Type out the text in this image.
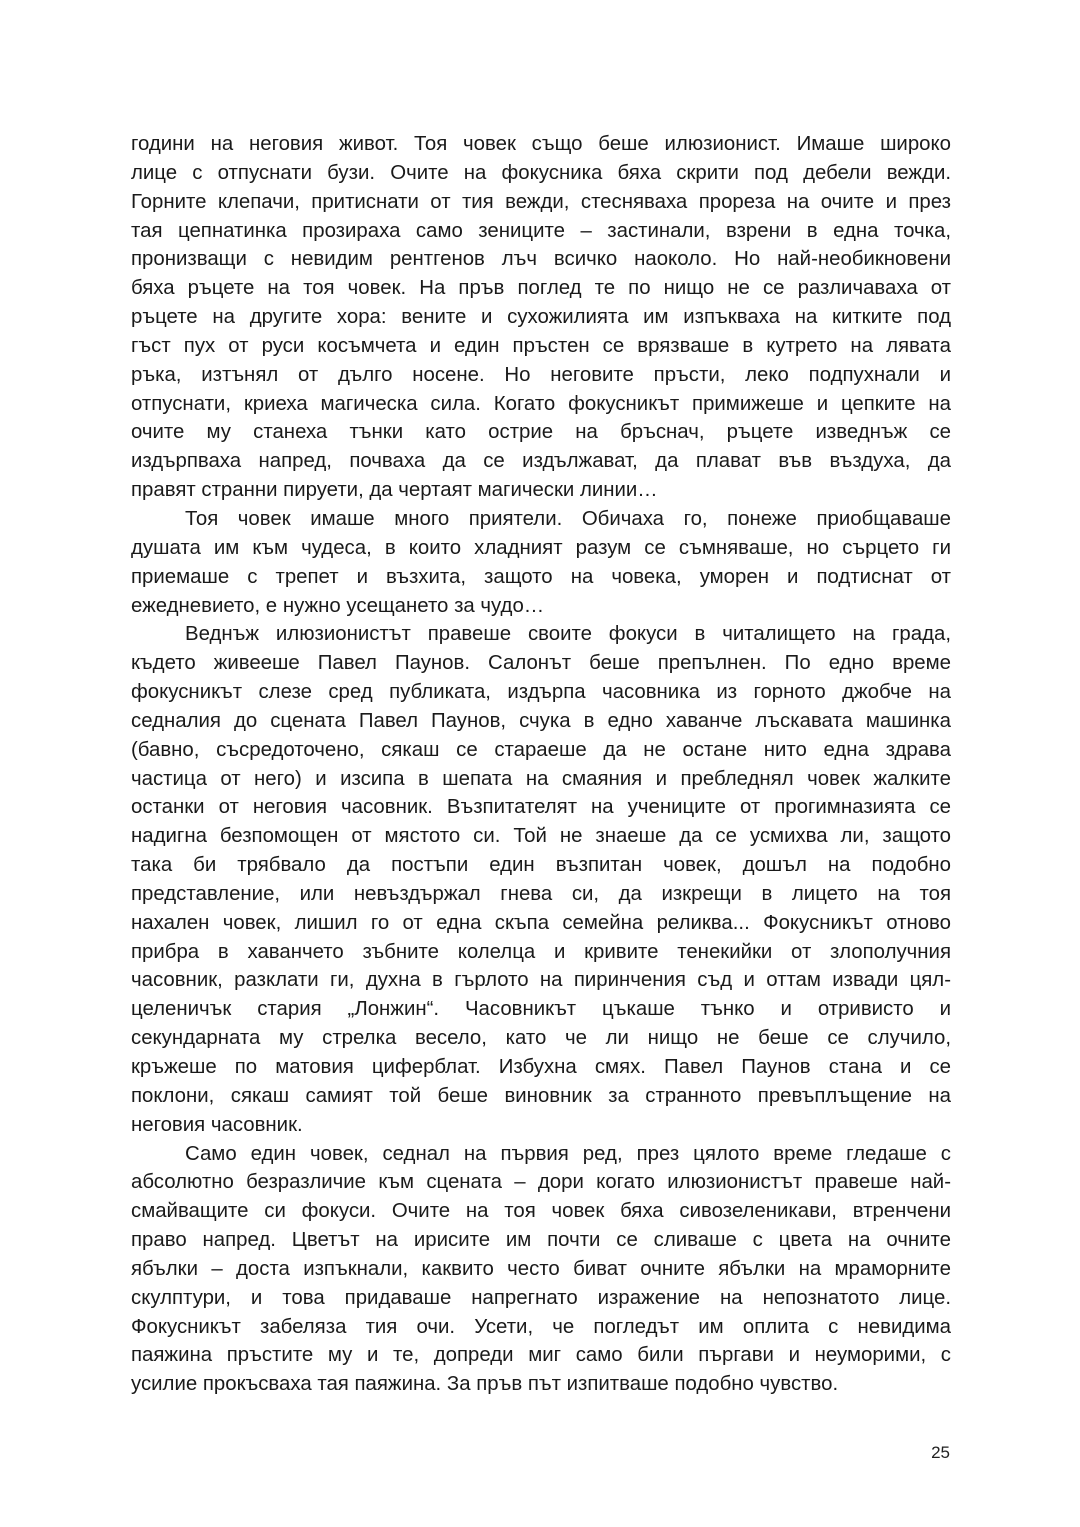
години на неговия живот. Тоя човек също беше илюзионист. Имаше широко
лице с отпуснати бузи. Очите на фокусника бяха скрити под дебели вежди.
Горните клепачи, притиснати от тия вежди, стесняваха прореза на очите и през
тая цепнатинка прозираха само зениците – застинали, взрени в една точка,
пронизващи с невидим рентгенов лъч всичко наоколо. Но най-необикновени
бяха ръцете на тоя човек. На пръв поглед те по нищо не се различаваха от
ръцете на другите хора: вените и сухожилията им изпъкваха на китките под
гъст пух от руси косъмчета и един пръстен се врязваше в кутрето на лявата
ръка, изтънял от дълго носене. Но неговите пръсти, леко подпухнали и
отпуснати, криеха магическа сила. Когато фокусникът примижеше и цепките на
очите му станеха тънки като острие на бръснач, ръцете изведнъж се
издърпваха напред, почваха да се издължават, да плават във въздуха, да
правят странни пируети, да чертаят магически линии…

Тоя човек имаше много приятели. Обичаха го, понеже приобщаваше
душата им към чудеса, в които хладният разум се съмняваше, но сърцето ги
приемаше с трепет и възхита, защото на човека, уморен и подтиснат от
ежедневието, е нужно усещането за чудо…

Веднъж илюзионистът правеше своите фокуси в читалището на града,
където живееше Павел Паунов. Салонът беше препълнен. По едно време
фокусникът слезе сред публиката, издърпа часовника из горното джобче на
седналия до сцената Павел Паунов, счука в едно хаванче лъскавата машинка
(бавно, съсредоточено, сякаш се стараеше да не остане нито една здрава
частица от него) и изсипа в шепата на смаяния и пребледнял човек жалките
останки от неговия часовник. Възпитателят на учениците от прогимназията се
надигна безпомощен от мястото си. Той не знаеше да се усмихва ли, защото
така би трябвало да постъпи един възпитан човек, дошъл на подобно
представление, или невъздържал гнева си, да изкрещи в лицето на тоя
нахален човек, лишил го от една скъпа семейна реликва... Фокусникът отново
прибра в хаванчето зъбните колелца и кривите тенекийки от злополучния
часовник, разклати ги, духна в гърлото на пиринчения съд и оттам извади цял-
целеничък стария „Лонжин“. Часовникът цъкаше тънко и отривисто и
секундарната му стрелка весело, като че ли нищо не беше се случило,
кръжеше по матовия циферблат. Избухна смях. Павел Паунов стана и се
поклони, сякаш самият той беше виновник за странното превъплъщение на
неговия часовник.

Само един човек, седнал на първия ред, през цялото време гледаше с
абсолютно безразличие към сцената – дори когато илюзионистът правеше най-
смайващите си фокуси. Очите на тоя човек бяха сивозеленикави, втренчени
право напред. Цветът на ирисите им почти се сливаше с цвета на очните
ябълки – доста изпъкнали, каквито често биват очните ябълки на мраморните
скулптури, и това придаваше напрегнато изражение на непознатото лице.
Фокусникът забеляза тия очи. Усети, че погледът им оплита с невидима
паяжина пръстите му и те, допреди миг само били пъргави и неуморими, с
усилие прокъсваха тая паяжина. За пръв път изпитваше подобно чувство.

25
